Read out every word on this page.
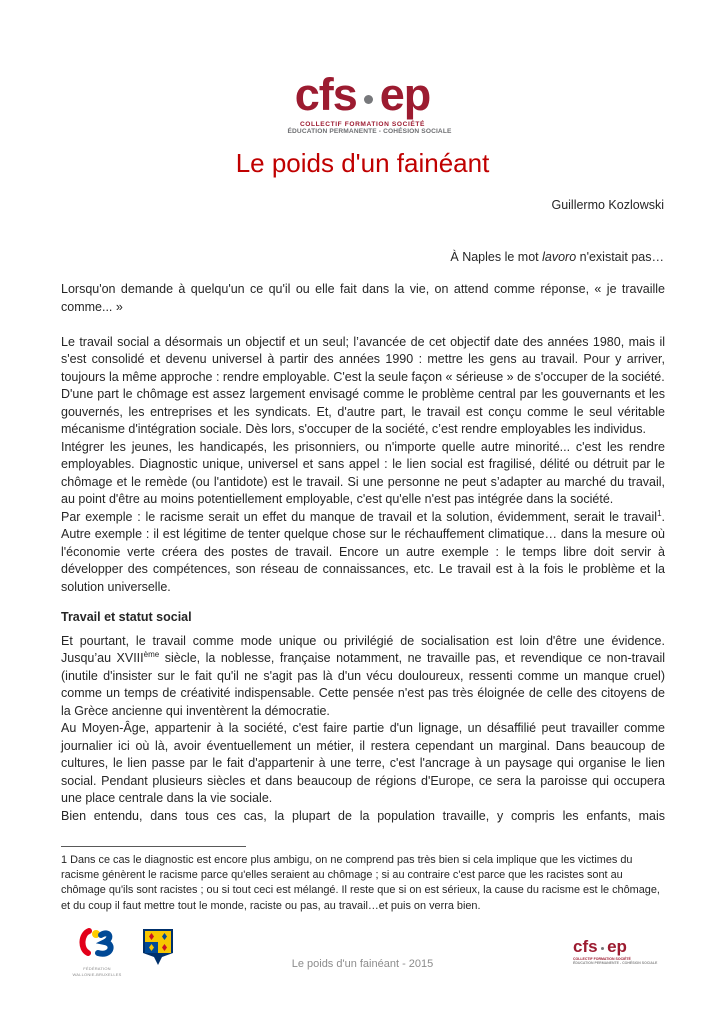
cfs ep
COLLECTIF FORMATION SOCIÉTÉ
ÉDUCATION PERMANENTE - COHÉSION SOCIALE
Le poids d'un fainéant
Guillermo Kozlowski
À Naples le mot lavoro n'existait pas…

Lorsqu'on demande à quelqu'un ce qu'il ou elle fait dans la vie, on attend comme réponse, « je travaille comme... »

Le travail social a désormais un objectif et un seul; l’avancée de cet objectif date des années 1980, mais il s'est consolidé et devenu universel à partir des années 1990 : mettre les gens au travail. Pour y arriver, toujours la même approche : rendre employable. C'est la seule façon « sérieuse » de s'occuper de la société.

D'une part le chômage est assez largement envisagé comme le problème central par les gouvernants et les gouvernés, les entreprises et les syndicats. Et, d'autre part, le travail est conçu comme le seul véritable mécanisme d'intégration sociale. Dès lors, s'occuper de la société, c’est rendre employables les individus.

Intégrer les jeunes, les handicapés, les prisonniers, ou n'importe quelle autre minorité... c'est les rendre employables. Diagnostic unique, universel et sans appel : le lien social est fragilisé, délité ou détruit par le chômage et le remède (ou l'antidote) est le travail. Si une personne ne peut s’adapter au marché du travail, au point d'être au moins potentiellement employable, c'est qu'elle n'est pas intégrée dans la société.

Par exemple : le racisme serait un effet du manque de travail et la solution, évidemment, serait le travail$^1$. Autre exemple : il est légitime de tenter quelque chose sur le réchauffement climatique… dans la mesure où l'économie verte créera des postes de travail. Encore un autre exemple : le temps libre doit servir à développer des compétences, son réseau de connaissances, etc. Le travail est à la fois le problème et la solution universelle.

Travail et statut social

Et pourtant, le travail comme mode unique ou privilégié de socialisation est loin d'être une évidence. Jusqu’au XVIIIème siècle, la noblesse, française notamment, ne travaille pas, et revendique ce non-travail (inutile d'insister sur le fait qu'il ne s'agit pas là d'un vécu douloureux, ressenti comme un manque cruel) comme un temps de créativité indispensable. Cette pensée n'est pas très éloignée de celle des citoyens de la Grèce ancienne qui inventèrent la démocratie.

Au Moyen-Âge, appartenir à la société, c'est faire partie d'un lignage, un désaffilié peut travailler comme journalier ici où là, avoir éventuellement un métier, il restera cependant un marginal. Dans beaucoup de cultures, le lien passe par le fait d'appartenir à une terre, c'est l'ancrage à un paysage qui organise le lien social. Pendant plusieurs siècles et dans beaucoup de régions d'Europe, ce sera la paroisse qui occupera une place centrale dans la vie sociale.

Bien entendu, dans tous ces cas, la plupart de la population travaille, y compris les enfants, mais

1 Dans ce cas le diagnostic est encore plus ambigu, on ne comprend pas très bien si cela implique que les victimes du racisme génèrent le racisme parce qu'elles seraient au chômage ; si au contraire c'est parce que les racistes sont au chômage qu'ils sont racistes ; ou si tout ceci est mélangé. Il reste que si on est sérieux, la cause du racisme est le chômage, et du coup il faut mettre tout le monde, raciste ou pas, au travail…et puis on verra bien.
FÉDÉRATION
WALLONIE-BRUXELLES
Le poids d'un fainéant - 2015
cfs ep
COLLECTIF FORMATION SOCIÉTÉ
ÉDUCATION PERMANENTE - COHÉSION SOCIALE
